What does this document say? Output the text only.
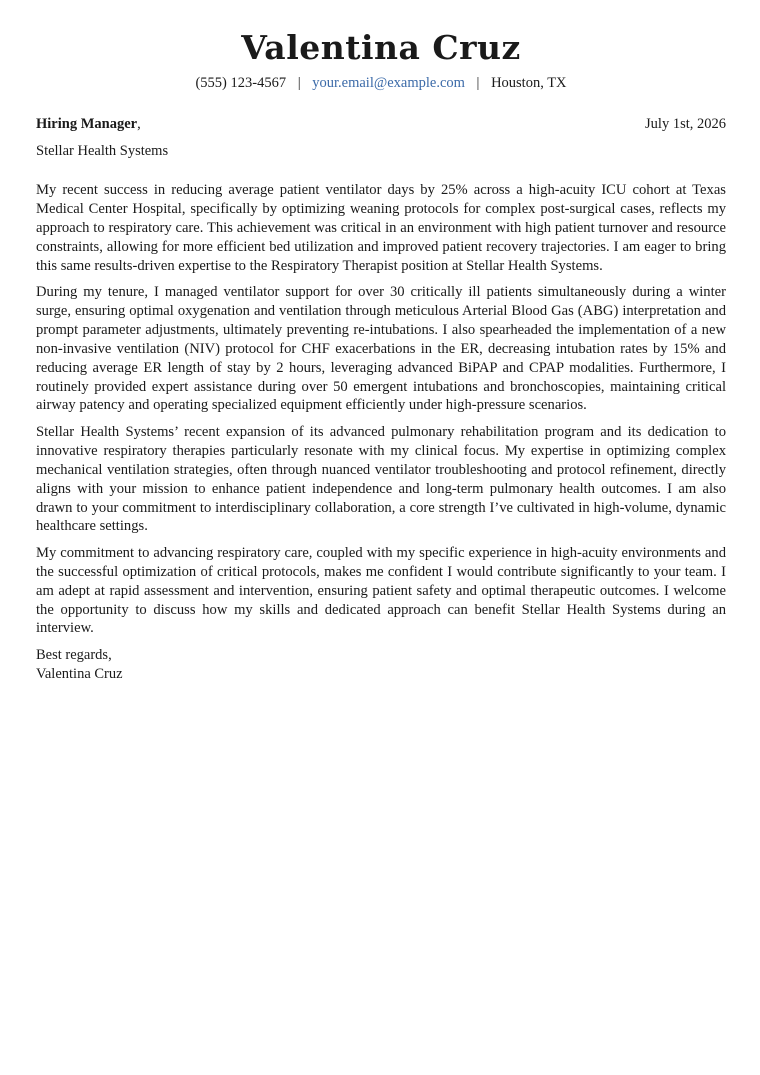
Valentina Cruz
(555) 123-4567 | your.email@example.com | Houston, TX
Hiring Manager,	July 1st, 2026
Stellar Health Systems

My recent success in reducing average patient ventilator days by 25% across a high-acuity ICU cohort at Texas Medical Center Hospital, specifically by optimizing weaning protocols for complex post-surgical cases, reflects my approach to respiratory care. This achievement was critical in an environment with high patient turnover and resource constraints, allowing for more efficient bed utilization and improved patient recovery trajectories. I am eager to bring this same results-driven expertise to the Respiratory Therapist position at Stellar Health Systems.

During my tenure, I managed ventilator support for over 30 critically ill patients simultaneously during a winter surge, ensuring optimal oxygenation and ventilation through meticulous Arterial Blood Gas (ABG) interpretation and prompt parameter adjustments, ultimately preventing re-intubations. I also spearheaded the implementation of a new non-invasive ventilation (NIV) protocol for CHF exacerbations in the ER, decreasing intubation rates by 15% and reducing average ER length of stay by 2 hours, leveraging advanced BiPAP and CPAP modalities. Furthermore, I routinely provided expert assistance during over 50 emergent intubations and bronchoscopies, maintaining critical airway patency and operating specialized equipment efficiently under high-pressure scenarios.

Stellar Health Systems’ recent expansion of its advanced pulmonary rehabilitation program and its dedication to innovative respiratory therapies particularly resonate with my clinical focus. My expertise in optimizing complex mechanical ventilation strategies, often through nuanced ventilator troubleshooting and protocol refinement, directly aligns with your mission to enhance patient independence and long-term pulmonary health outcomes. I am also drawn to your commitment to interdisciplinary collaboration, a core strength I’ve cultivated in high-volume, dynamic healthcare settings.

My commitment to advancing respiratory care, coupled with my specific experience in high-acuity environments and the successful optimization of critical protocols, makes me confident I would contribute significantly to your team. I am adept at rapid assessment and intervention, ensuring patient safety and optimal therapeutic outcomes. I welcome the opportunity to discuss how my skills and dedicated approach can benefit Stellar Health Systems during an interview.

Best regards,
Valentina Cruz
